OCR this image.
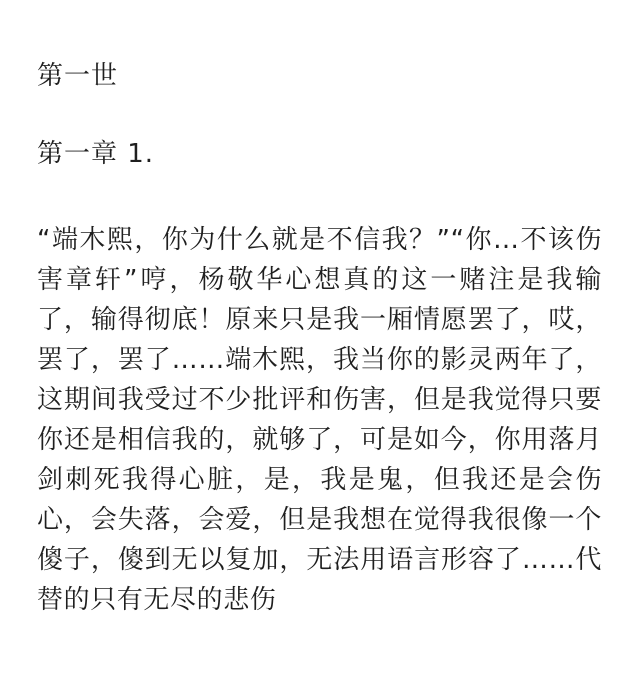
第一世
第一章 1.

“端木熙，你为什么就是不信我？”“你…不该伤害章轩”哼，杨敬华心想真的这一赌注是我输了，输得彻底！原来只是我一厢情愿罢了，哎，罢了，罢了……端木熙，我当你的影灵两年了，这期间我受过不少批评和伤害，但是我觉得只要你还是相信我的，就够了，可是如今，你用落月剑刺死我得心脏，是，我是鬼，但我还是会伤心，会失落，会爱，但是我想在觉得我很像一个傻子，傻到无以复加，无法用语言形容了……代替的只有无尽的悲伤
